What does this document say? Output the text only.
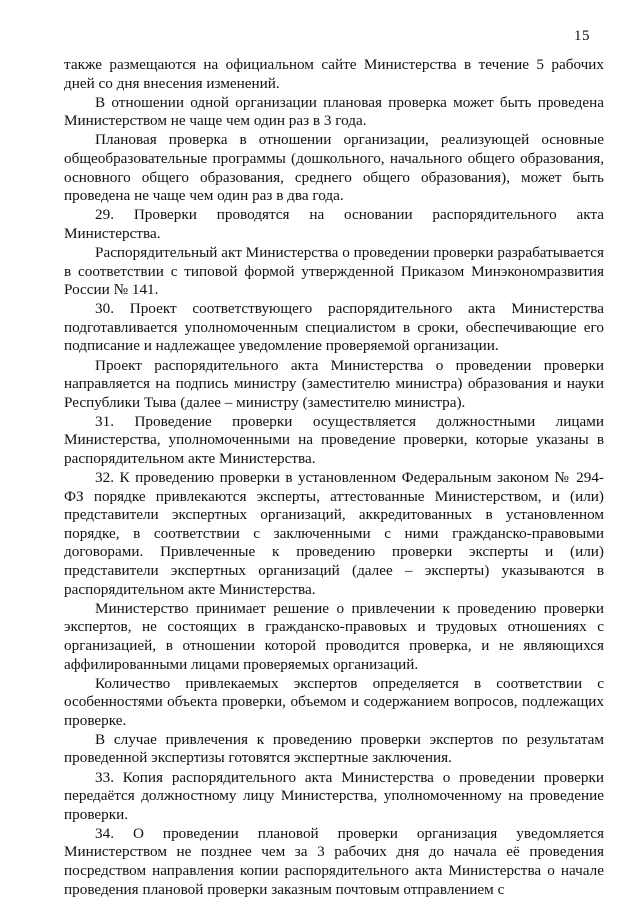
15

также размещаются на официальном сайте Министерства в течение 5 рабочих дней со дня внесения изменений.

В отношении одной организации плановая проверка может быть проведена Министерством не чаще чем один раз в 3 года.

Плановая проверка в отношении организации, реализующей основные общеобразовательные программы (дошкольного, начального общего образования, основного общего образования, среднего общего образования), может быть проведена не чаще чем один раз в два года.

29. Проверки проводятся на основании распорядительного акта Министерства.

Распорядительный акт Министерства о проведении проверки разрабатывается в соответствии с типовой формой утвержденной Приказом Минэкономразвития России № 141.

30. Проект соответствующего распорядительного акта Министерства подготавливается уполномоченным специалистом в сроки, обеспечивающие его подписание и надлежащее уведомление проверяемой организации.

Проект распорядительного акта Министерства о проведении проверки направляется на подпись министру (заместителю министра) образования и науки Республики Тыва (далее – министру (заместителю министра).

31. Проведение проверки осуществляется должностными лицами Министерства, уполномоченными на проведение проверки, которые указаны в распорядительном акте Министерства.

32. К проведению проверки в установленном Федеральным законом № 294-ФЗ порядке привлекаются эксперты, аттестованные Министерством, и (или) представители экспертных организаций, аккредитованных в установленном порядке, в соответствии с заключенными с ними гражданско-правовыми договорами. Привлеченные к проведению проверки эксперты и (или) представители экспертных организаций (далее – эксперты) указываются в распорядительном акте Министерства.

Министерство принимает решение о привлечении к проведению проверки экспертов, не состоящих в гражданско-правовых и трудовых отношениях с организацией, в отношении которой проводится проверка, и не являющихся аффилированными лицами проверяемых организаций.

Количество привлекаемых экспертов определяется в соответствии с особенностями объекта проверки, объемом и содержанием вопросов, подлежащих проверке.

В случае привлечения к проведению проверки экспертов по результатам проведенной экспертизы готовятся экспертные заключения.

33. Копия распорядительного акта Министерства о проведении проверки передаётся должностному лицу Министерства, уполномоченному на проведение проверки.

34. О проведении плановой проверки организация уведомляется Министерством не позднее чем за 3 рабочих дня до начала её проведения посредством направления копии распорядительного акта Министерства о начале проведения плановой проверки заказным почтовым отправлением с
